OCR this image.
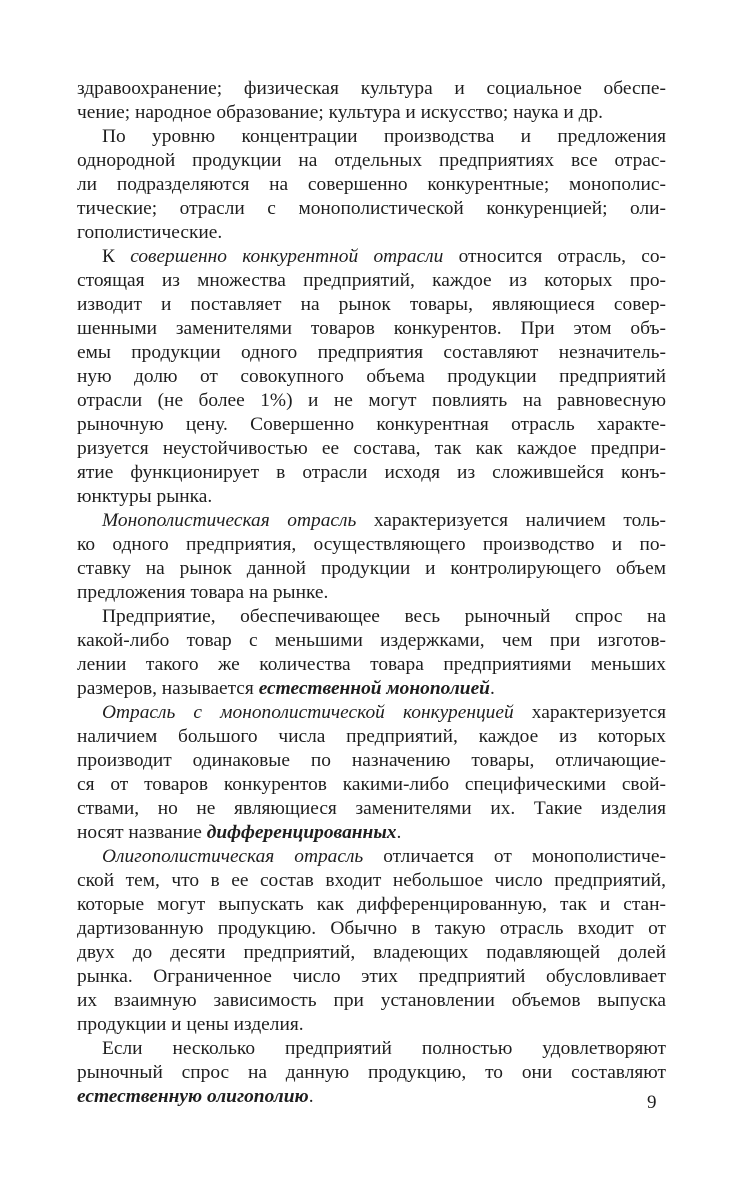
здравоохранение; физическая культура и социальное обеспе-
чение; народное образование; культура и искусство; наука и др.
По уровню концентрации производства и предложения
однородной продукции на отдельных предприятиях все отрас-
ли подразделяются на совершенно конкурентные; монополис-
тические; отрасли с монополистической конкуренцией; оли-
гополистические.
К совершенно конкурентной отрасли относится отрасль, со-
стоящая из множества предприятий, каждое из которых про-
изводит и поставляет на рынок товары, являющиеся совер-
шенными заменителями товаров конкурентов. При этом объ-
емы продукции одного предприятия составляют незначитель-
ную долю от совокупного объема продукции предприятий
отрасли (не более 1%) и не могут повлиять на равновесную
рыночную цену. Совершенно конкурентная отрасль характе-
ризуется неустойчивостью ее состава, так как каждое предпри-
ятие функционирует в отрасли исходя из сложившейся конъ-
юнктуры рынка.
Монополистическая отрасль характеризуется наличием толь-
ко одного предприятия, осуществляющего производство и по-
ставку на рынок данной продукции и контролирующего объем
предложения товара на рынке.
Предприятие, обеспечивающее весь рыночный спрос на
какой-либо товар с меньшими издержками, чем при изготов-
лении такого же количества товара предприятиями меньших
размеров, называется естественной монополией.
Отрасль с монополистической конкуренцией характеризуется
наличием большого числа предприятий, каждое из которых
производит одинаковые по назначению товары, отличающие-
ся от товаров конкурентов какими-либо специфическими свой-
ствами, но не являющиеся заменителями их. Такие изделия
носят название дифференцированных.
Олигополистическая отрасль отличается от монополистиче-
ской тем, что в ее состав входит небольшое число предприятий,
которые могут выпускать как дифференцированную, так и стан-
дартизованную продукцию. Обычно в такую отрасль входит от
двух до десяти предприятий, владеющих подавляющей долей
рынка. Ограниченное число этих предприятий обусловливает
их взаимную зависимость при установлении объемов выпуска
продукции и цены изделия.
Если несколько предприятий полностью удовлетворяют
рыночный спрос на данную продукцию, то они составляют
естественную олигополию.	9
